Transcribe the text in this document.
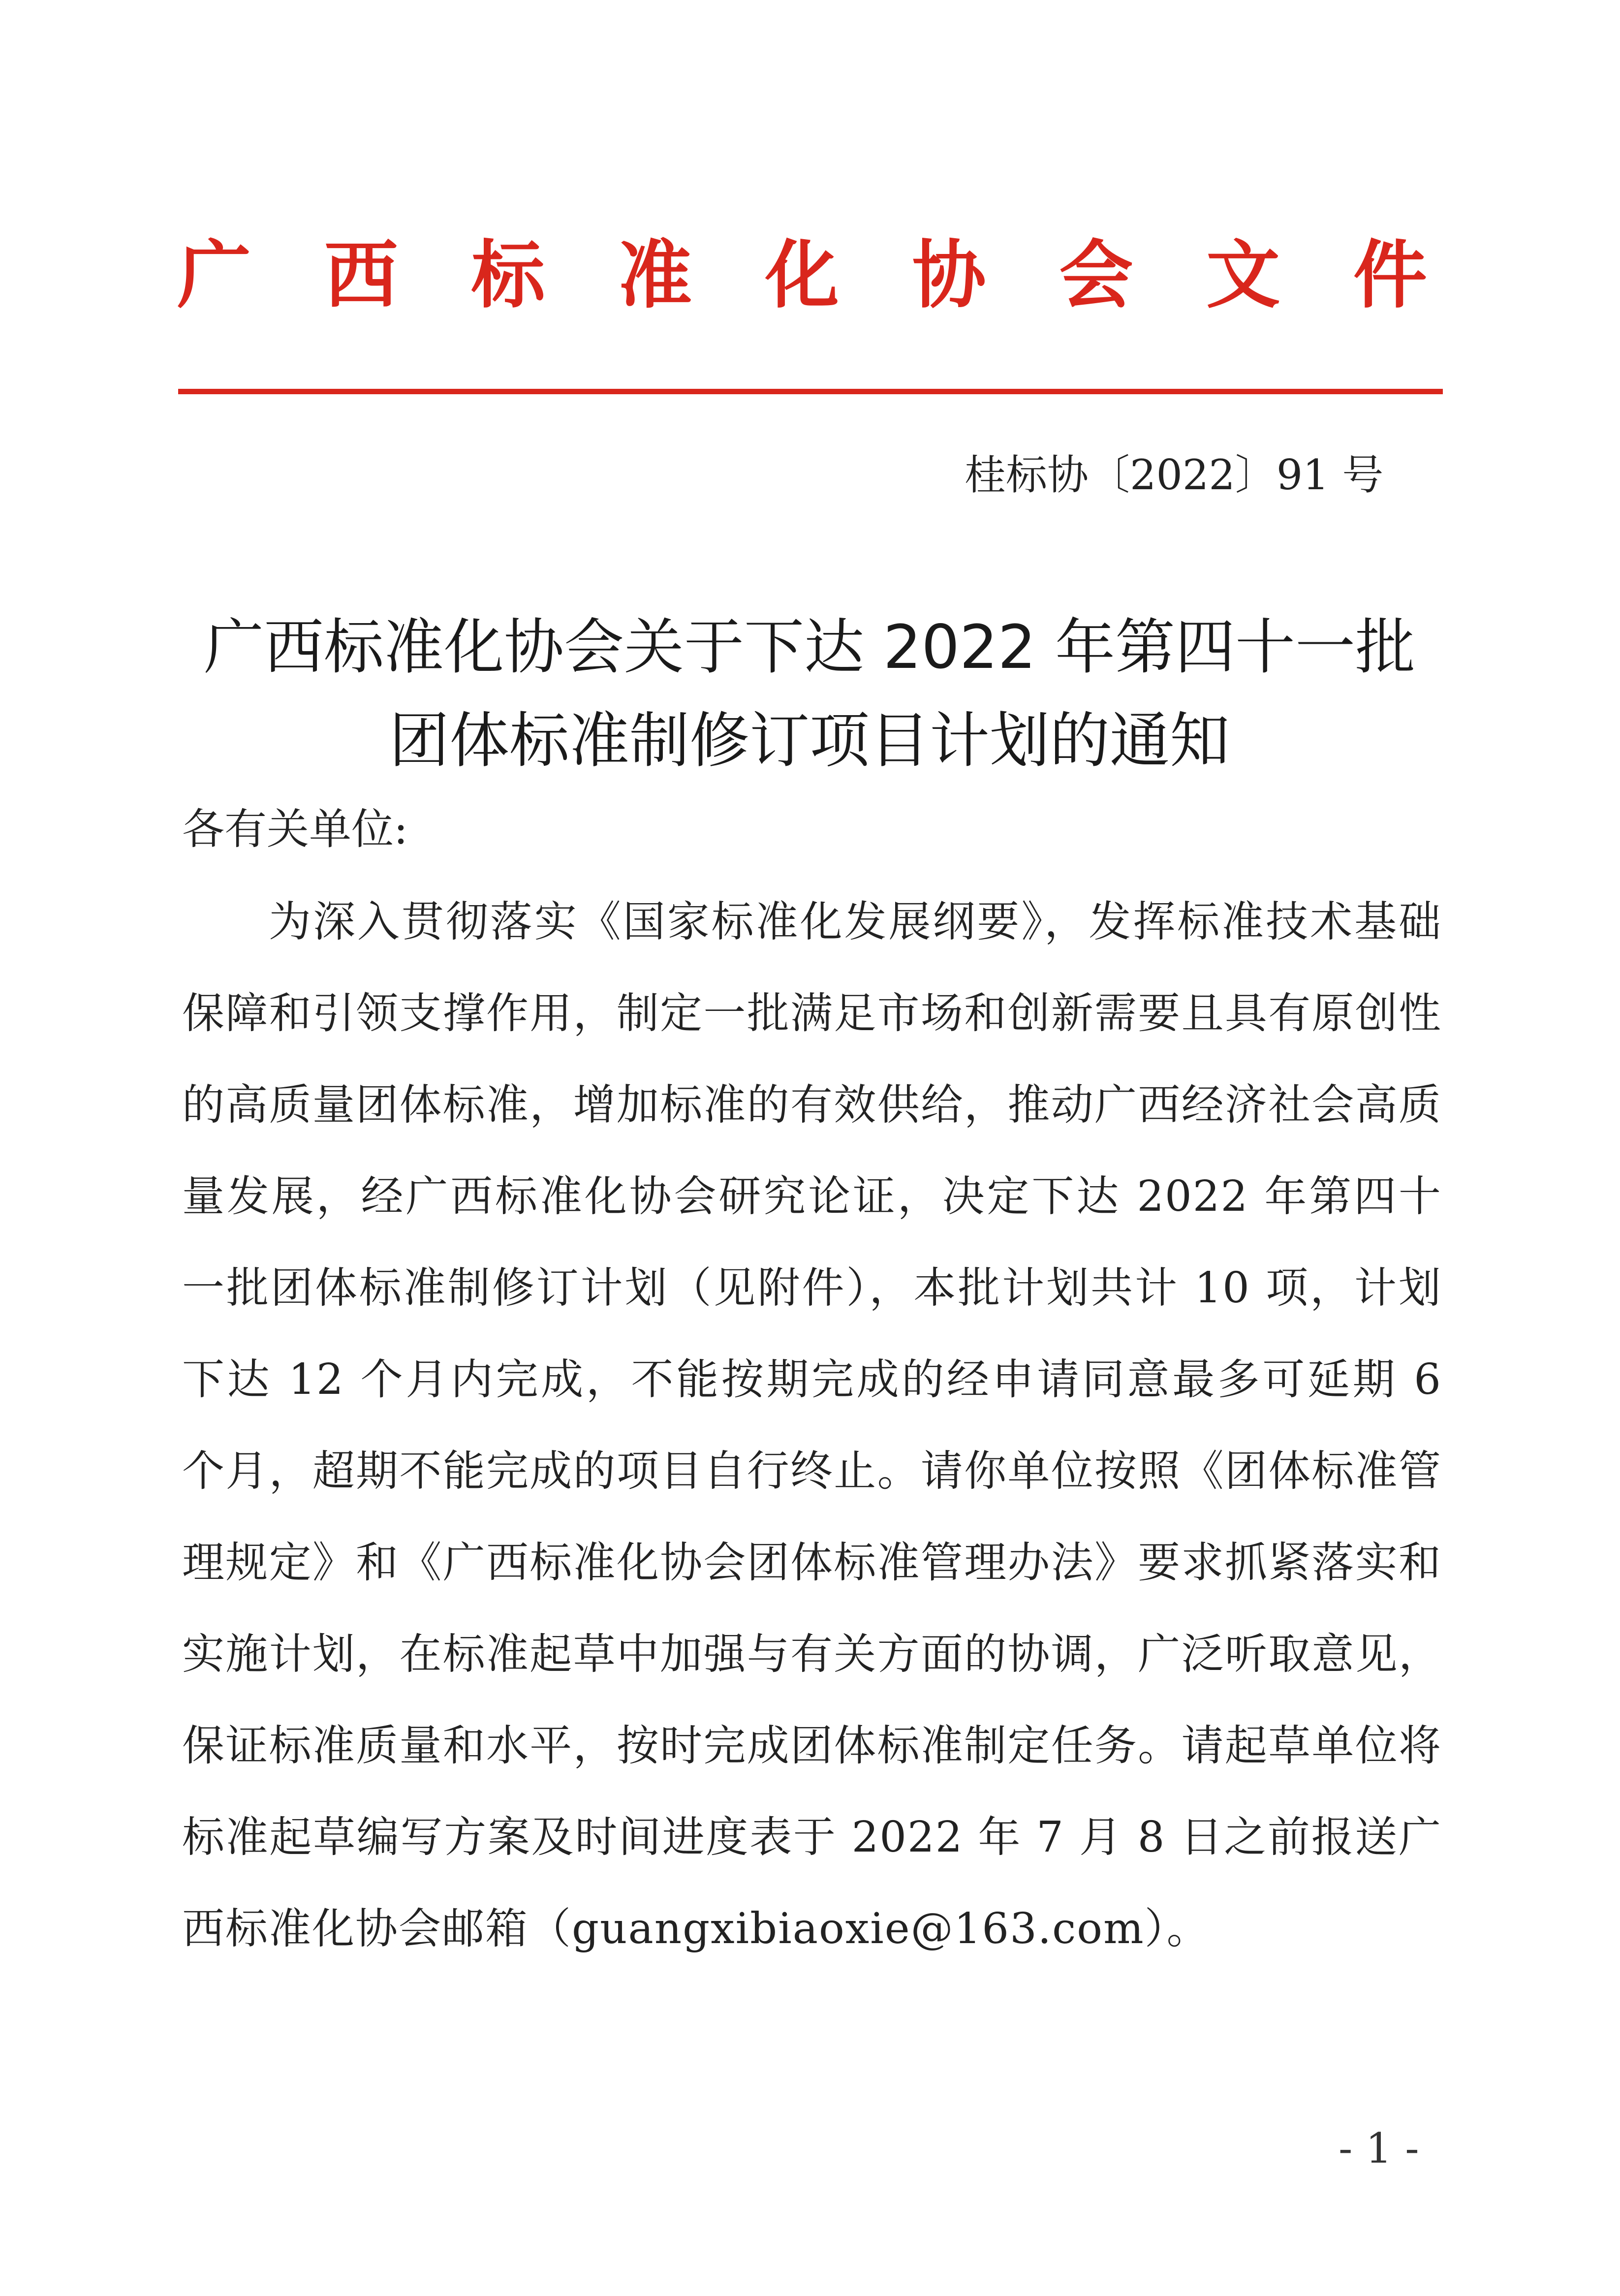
广 西 标 准 化 协 会 文 件
桂标协〔2022〕91 号
广西标准化协会关于下达 2022 年第四十一批
团体标准制修订项目计划的通知
各有关单位:
为深入贯彻落实《国家标准化发展纲要》，发挥标准技术基础保障和引领支撑作用，制定一批满足市场和创新需要且具有原创性的高质量团体标准，增加标准的有效供给，推动广西经济社会高质量发展，经广西标准化协会研究论证，决定下达 2022 年第四十一批团体标准制修订计划（见附件），本批计划共计 10 项，计划下达 12 个月内完成，不能按期完成的经申请同意最多可延期 6 个月，超期不能完成的项目自行终止。请你单位按照《团体标准管理规定》和《广西标准化协会团体标准管理办法》要求抓紧落实和实施计划，在标准起草中加强与有关方面的协调，广泛听取意见，保证标准质量和水平，按时完成团体标准制定任务。请起草单位将标准起草编写方案及时间进度表于 2022 年 7 月 8 日之前报送广西标准化协会邮箱（guangxibiaoxie@163.com）。
- 1 -
